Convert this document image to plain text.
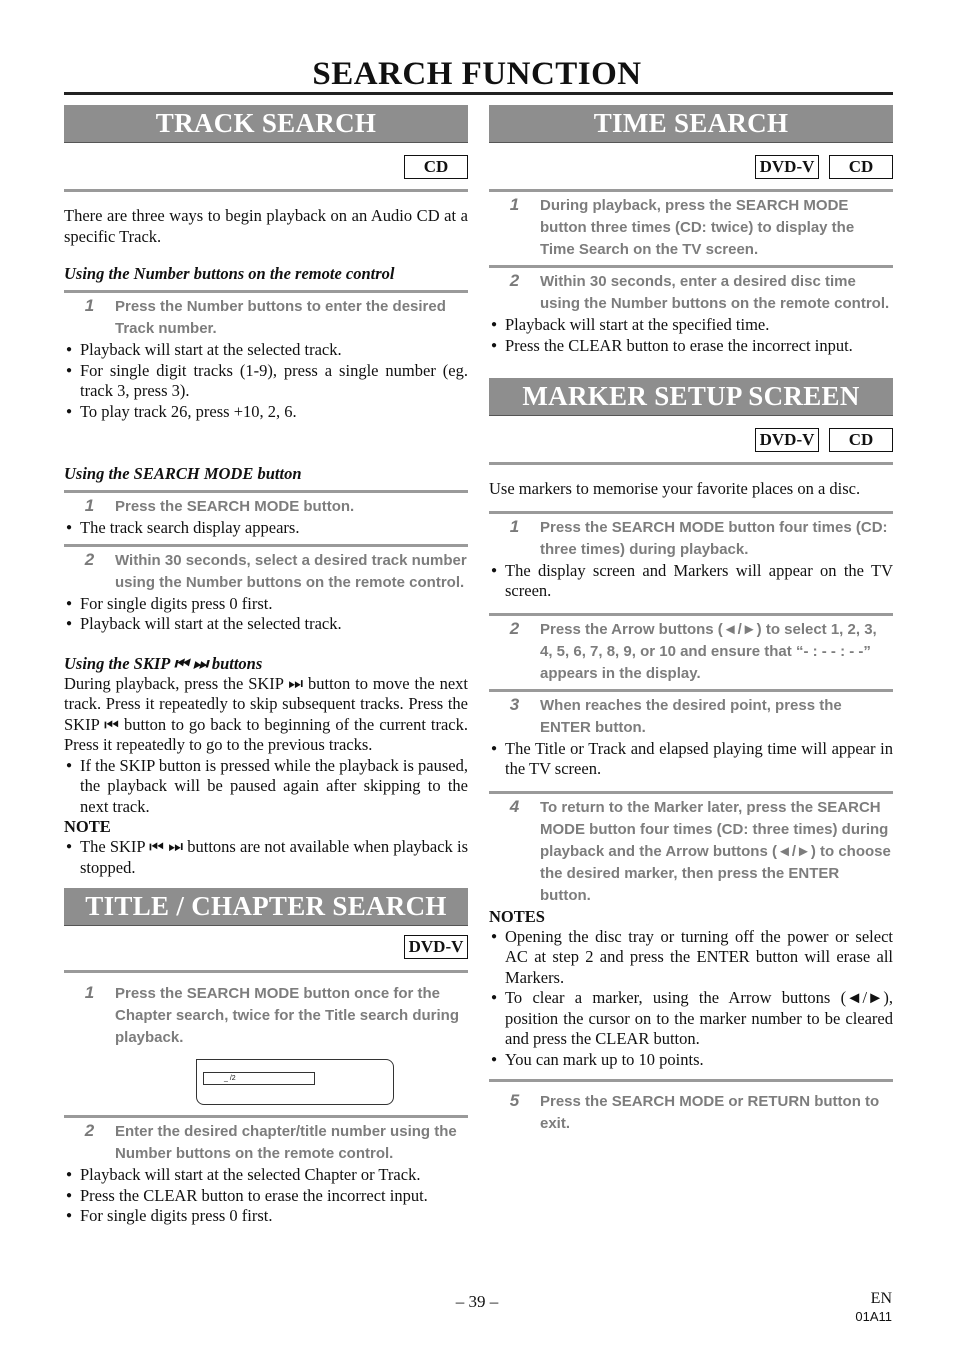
SEARCH FUNCTION
TRACK SEARCH
CD

There are three ways to begin playback on an Audio CD at a specific Track.

Using the Number buttons on the remote control

1	Press the Number buttons to enter the desired Track number.
● Playback will start at the selected track.
● For single digit tracks (1-9), press a single number (eg. track 3, press 3).
● To play track 26, press +10, 2, 6.

Using the SEARCH MODE button

1	Press the SEARCH MODE button.
● The track search display appears.
2	Within 30 seconds, select a desired track number using the Number buttons on the remote control.
● For single digits press 0 first.
● Playback will start at the selected track.

Using the SKIP ⏮ ⏭ buttons

During playback, press the SKIP ⏭ button to move the next track. Press it repeatedly to skip subsequent tracks. Press the SKIP ⏮ button to go back to beginning of the current track. Press it repeatedly to go to the previous tracks.

● If the SKIP button is pressed while the playback is paused, the playback will be paused again after skipping to the next track.

NOTE

● The SKIP ⏮ ⏭ buttons are not available when playback is stopped.
TITLE / CHAPTER SEARCH
DVD-V
1	Press the SEARCH MODE button once for the Chapter search, twice for the Title search during playback.
_ /2
2	Enter the desired chapter/title number using the Number buttons on the remote control.
● Playback will start at the selected Chapter or Track.
● Press the CLEAR button to erase the incorrect input.
● For single digits press 0 first.
TIME SEARCH
DVD-V	CD
1	During playback, press the SEARCH MODE button three times (CD: twice) to display the Time Search on the TV screen.
2	Within 30 seconds, enter a desired disc time using the Number buttons on the remote control.
● Playback will start at the specified time.
● Press the CLEAR button to erase the incorrect input.
MARKER SETUP SCREEN
DVD-V	CD

Use markers to memorise your favorite places on a disc.

1	Press the SEARCH MODE button four times (CD: three times) during playback.
● The display screen and Markers will appear on the TV screen.
2	Press the Arrow buttons (◄/►) to select 1, 2, 3, 4, 5, 6, 7, 8, 9, or 10 and ensure that “- : - - : - -” appears in the display.
3	When reaches the desired point, press the ENTER button.
● The Title or Track and elapsed playing time will appear in the TV screen.
4	To return to the Marker later, press the SEARCH MODE button four times (CD: three times) during playback and the Arrow buttons (◄/►) to choose the desired marker, then press the ENTER button.

NOTES

● Opening the disc tray or turning off the power or select AC at step 2 and press the ENTER button will erase all Markers.
● To clear a marker, using the Arrow buttons (◄/►), position the cursor on to the marker number to be cleared and press the CLEAR button.
● You can mark up to 10 points.
5	Press the SEARCH MODE or RETURN button to exit.
– 39 –	EN
01A11
